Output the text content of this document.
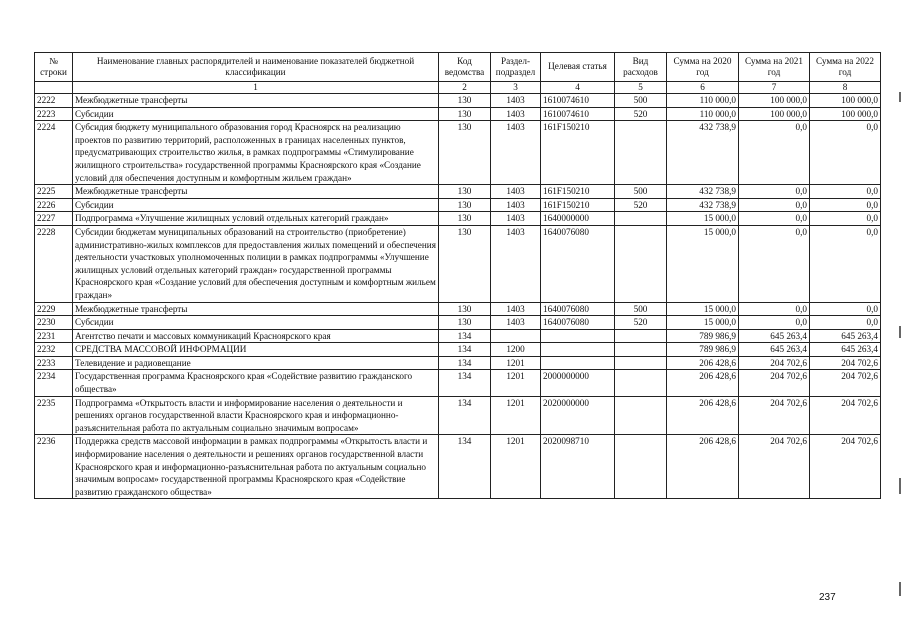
№ строки	Наименование главных распорядителей и наименование показателей бюджетной классификации	Код ведомства	Раздел-подраздел	Целевая статья	Вид расходов	Сумма на 2020 год	Сумма на 2021 год	Сумма на 2022 год
	1	2	3	4	5	6	7	8
2222	Межбюджетные трансферты	130	1403	1610074610	500	110 000,0	100 000,0	100 000,0
2223	Субсидии	130	1403	1610074610	520	110 000,0	100 000,0	100 000,0
2224	Субсидия бюджету муниципального образования город Красноярск на реализацию проектов по развитию территорий, расположенных в границах населенных пунктов, предусматривающих строительство жилья, в рамках подпрограммы «Стимулирование жилищного строительства» государственной программы Красноярского края «Создание условий для обеспечения доступным и комфортным жильем граждан»	130	1403	161F150210		432 738,9	0,0	0,0
2225	Межбюджетные трансферты	130	1403	161F150210	500	432 738,9	0,0	0,0
2226	Субсидии	130	1403	161F150210	520	432 738,9	0,0	0,0
2227	Подпрограмма «Улучшение жилищных условий отдельных категорий граждан»	130	1403	1640000000		15 000,0	0,0	0,0
2228	Субсидии бюджетам муниципальных образований на строительство (приобретение) административно-жилых комплексов для предоставления жилых помещений и обеспечения деятельности участковых уполномоченных полиции в рамках подпрограммы «Улучшение жилищных условий отдельных категорий граждан» государственной программы Красноярского края «Создание условий для обеспечения доступным и комфортным жильем граждан»	130	1403	1640076080		15 000,0	0,0	0,0
2229	Межбюджетные трансферты	130	1403	1640076080	500	15 000,0	0,0	0,0
2230	Субсидии	130	1403	1640076080	520	15 000,0	0,0	0,0
2231	Агентство печати и массовых коммуникаций Красноярского края	134				789 986,9	645 263,4	645 263,4
2232	СРЕДСТВА МАССОВОЙ ИНФОРМАЦИИ	134	1200			789 986,9	645 263,4	645 263,4
2233	Телевидение и радиовещание	134	1201			206 428,6	204 702,6	204 702,6
2234	Государственная программа Красноярского края «Содействие развитию гражданского общества»	134	1201	2000000000		206 428,6	204 702,6	204 702,6
2235	Подпрограмма «Открытость власти и информирование населения о деятельности и решениях органов государственной власти Красноярского края и информационно-разъяснительная работа по актуальным социально значимым вопросам»	134	1201	2020000000		206 428,6	204 702,6	204 702,6
2236	Поддержка средств массовой информации в рамках подпрограммы «Открытость власти и информирование населения о деятельности и решениях органов государственной власти Красноярского края и информационно-разъяснительная работа по актуальным социально значимым вопросам» государственной программы Красноярского края «Содействие развитию гражданского общества»	134	1201	2020098710		206 428,6	204 702,6	204 702,6
237
